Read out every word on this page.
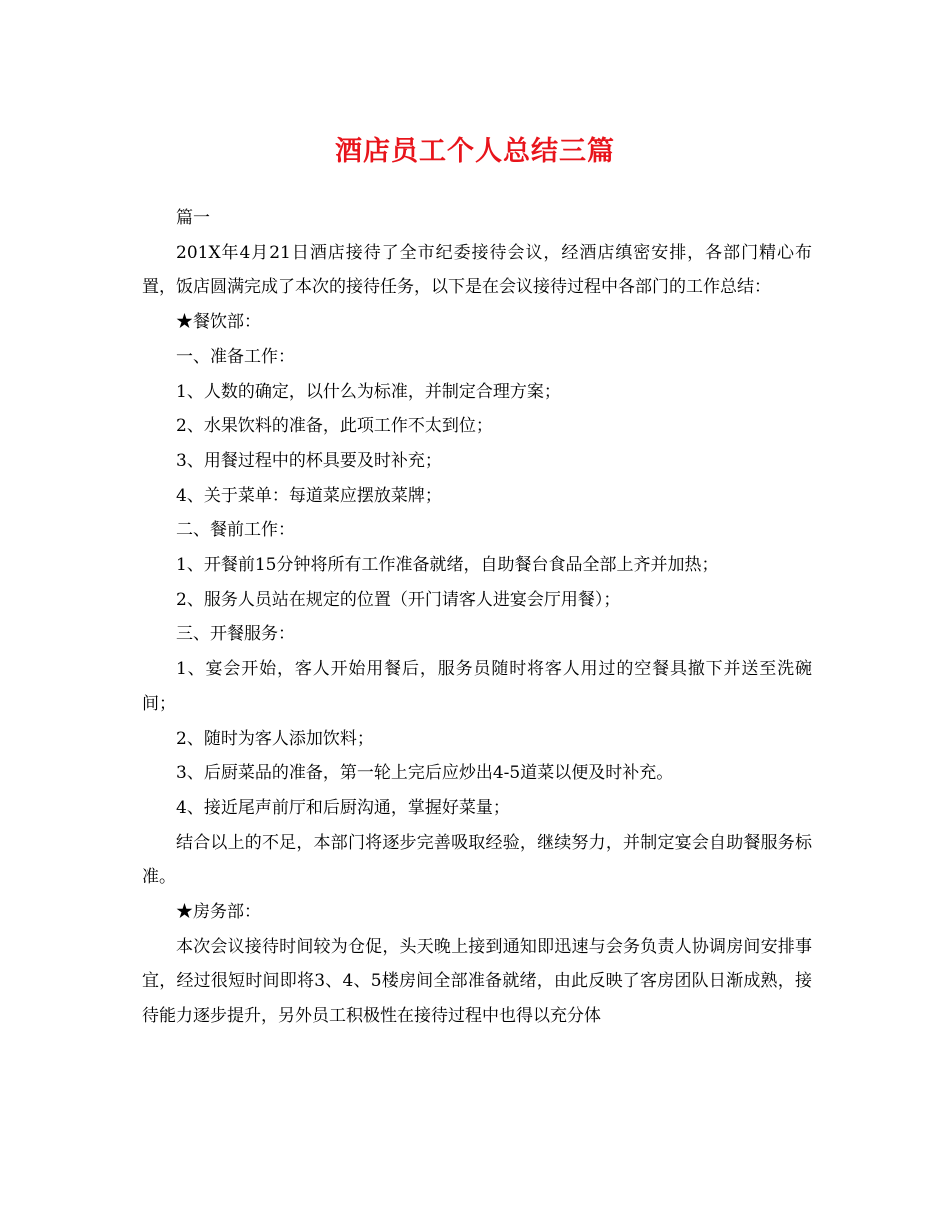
酒店员工个人总结三篇

篇一

201X年4月21日酒店接待了全市纪委接待会议，经酒店缜密安排，各部门精心布置，饭店圆满完成了本次的接待任务，以下是在会议接待过程中各部门的工作总结：

★餐饮部：

一、准备工作：

1、人数的确定，以什么为标准，并制定合理方案；

2、水果饮料的准备，此项工作不太到位；

3、用餐过程中的杯具要及时补充；

4、关于菜单：每道菜应摆放菜牌；

二、餐前工作：

1、开餐前15分钟将所有工作准备就绪，自助餐台食品全部上齐并加热；

2、服务人员站在规定的位置（开门请客人进宴会厅用餐）；

三、开餐服务：

1、宴会开始，客人开始用餐后，服务员随时将客人用过的空餐具撤下并送至洗碗间；

2、随时为客人添加饮料；

3、后厨菜品的准备，第一轮上完后应炒出4-5道菜以便及时补充。

4、接近尾声前厅和后厨沟通，掌握好菜量；

结合以上的不足，本部门将逐步完善吸取经验，继续努力，并制定宴会自助餐服务标准。

★房务部：

本次会议接待时间较为仓促，头天晚上接到通知即迅速与会务负责人协调房间安排事宜，经过很短时间即将3、4、5楼房间全部准备就绪，由此反映了客房团队日渐成熟，接待能力逐步提升，另外员工积极性在接待过程中也得以充分体
